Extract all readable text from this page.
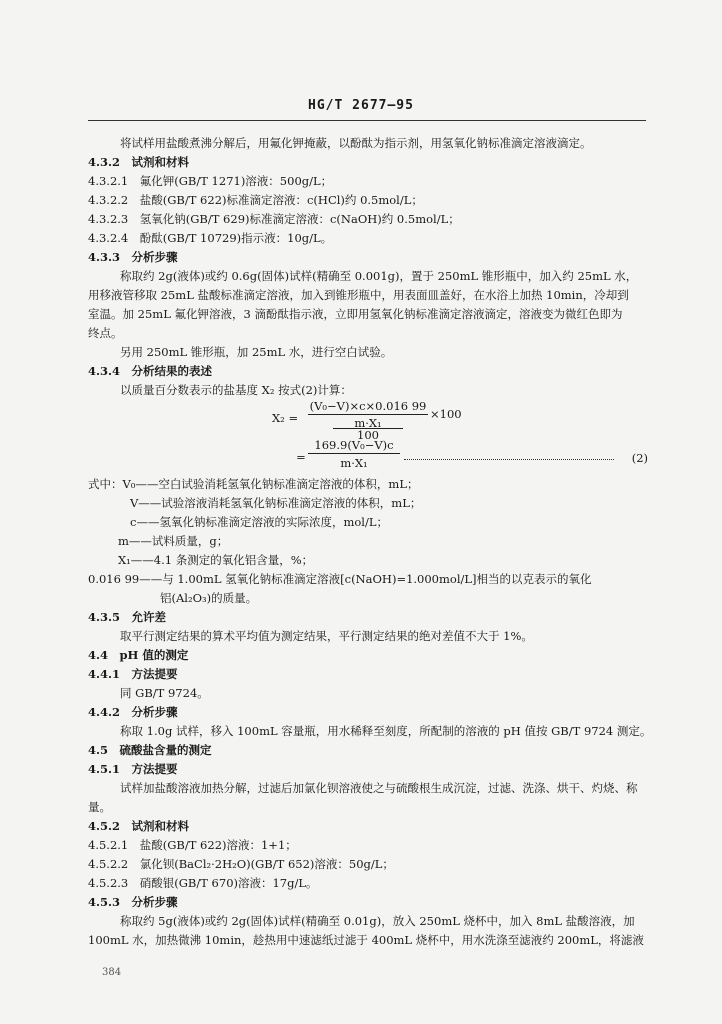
HG/T 2677—95
将试样用盐酸煮沸分解后，用氟化钾掩蔽，以酚酞为指示剂，用氢氧化钠标准滴定溶液滴定。
4.3.2　试剂和材料
4.3.2.1　氟化钾(GB/T 1271)溶液：500g/L；
4.3.2.2　盐酸(GB/T 622)标准滴定溶液：c(HCl)约 0.5mol/L；
4.3.2.3　氢氧化钠(GB/T 629)标准滴定溶液：c(NaOH)约 0.5mol/L；
4.3.2.4　酚酞(GB/T 10729)指示液：10g/L。
4.3.3　分析步骤
称取约 2g(液体)或约 0.6g(固体)试样(精确至 0.001g)，置于 250mL 锥形瓶中，加入约 25mL 水，
用移液管移取 25mL 盐酸标准滴定溶液，加入到锥形瓶中，用表面皿盖好，在水浴上加热 10min，冷却到
室温。加 25mL 氟化钾溶液，3 滴酚酞指示液，立即用氢氧化钠标准滴定溶液滴定，溶液变为微红色即为
终点。
另用 250mL 锥形瓶，加 25mL 水，进行空白试验。
4.3.4　分析结果的表述
以质量百分数表示的盐基度 X₂ 按式(2)计算：
X₂ =
(V₀−V)×c×0.016 99
m·X₁
100
×100
=
169.9(V₀−V)c
m·X₁	(2)
式中：V₀——空白试验消耗氢氧化钠标准滴定溶液的体积，mL；
V——试验溶液消耗氢氧化钠标准滴定溶液的体积，mL；
c——氢氧化钠标准滴定溶液的实际浓度，mol/L；
m——试料质量，g；
X₁——4.1 条测定的氧化铝含量，%；
0.016 99——与 1.00mL 氢氧化钠标准滴定溶液[c(NaOH)=1.000mol/L]相当的以克表示的氧化
铝(Al₂O₃)的质量。
4.3.5　允许差
取平行测定结果的算术平均值为测定结果，平行测定结果的绝对差值不大于 1%。
4.4　pH 值的测定
4.4.1　方法提要
同 GB/T 9724。
4.4.2　分析步骤
称取 1.0g 试样，移入 100mL 容量瓶，用水稀释至刻度，所配制的溶液的 pH 值按 GB/T 9724 测定。
4.5　硫酸盐含量的测定
4.5.1　方法提要
试样加盐酸溶液加热分解，过滤后加氯化钡溶液使之与硫酸根生成沉淀，过滤、洗涤、烘干、灼烧、称
量。
4.5.2　试剂和材料
4.5.2.1　盐酸(GB/T 622)溶液：1+1；
4.5.2.2　氯化钡(BaCl₂·2H₂O)(GB/T 652)溶液：50g/L；
4.5.2.3　硝酸银(GB/T 670)溶液：17g/L。
4.5.3　分析步骤
称取约 5g(液体)或约 2g(固体)试样(精确至 0.01g)，放入 250mL 烧杯中，加入 8mL 盐酸溶液，加
100mL 水，加热微沸 10min，趁热用中速滤纸过滤于 400mL 烧杯中，用水洗涤至滤液约 200mL，将滤液
384
